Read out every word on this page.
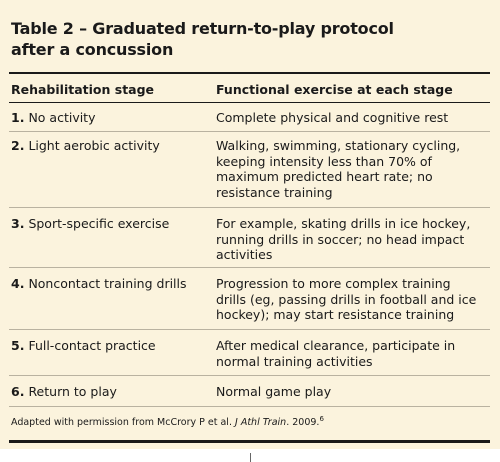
Table 2 – Graduated return-to-play protocol
after a concussion
Rehabilitation stage	Functional exercise at each stage
1. No activity	Complete physical and cognitive rest
2. Light aerobic activity	Walking, swimming, stationary cycling,
keeping intensity less than 70% of
maximum predicted heart rate; no
resistance training
3. Sport-specific exercise	For example, skating drills in ice hockey,
running drills in soccer; no head impact
activities
4. Noncontact training drills	Progression to more complex training
drills (eg, passing drills in football and ice
hockey); may start resistance training
5. Full-contact practice	After medical clearance, participate in
normal training activities
6. Return to play	Normal game play
Adapted with permission from McCrory P et al. J Athl Train. 2009.$^6$
